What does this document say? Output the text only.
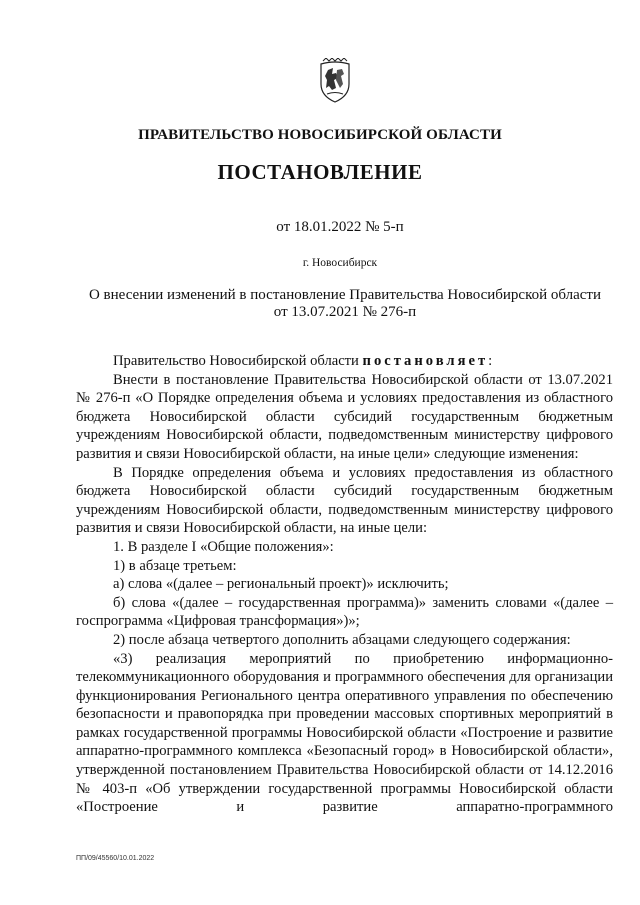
ПРАВИТЕЛЬСТВО НОВОСИБИРСКОЙ ОБЛАСТИ
ПОСТАНОВЛЕНИЕ
от 18.01.2022 № 5-п
г. Новосибирск
О внесении изменений в постановление Правительства Новосибирской области
от 13.07.2021 № 276-п

Правительство Новосибирской области постановляет:

Внести в постановление Правительства Новосибирской области от 13.07.2021 № 276-п «О Порядке определения объема и условиях предоставления из областного бюджета Новосибирской области субсидий государственным бюджетным учреждениям Новосибирской области, подведомственным министерству цифрового развития и связи Новосибирской области, на иные цели» следующие изменения:

В Порядке определения объема и условиях предоставления из областного бюджета Новосибирской области субсидий государственным бюджетным учреждениям Новосибирской области, подведомственным министерству цифрового развития и связи Новосибирской области, на иные цели:

1. В разделе I «Общие положения»:

1) в абзаце третьем:

а) слова «(далее – региональный проект)» исключить;

б) слова «(далее – государственная программа)» заменить словами «(далее – госпрограмма «Цифровая трансформация»)»;

2) после абзаца четвертого дополнить абзацами следующего содержания:

«3) реализация мероприятий по приобретению информационно-телекоммуникационного оборудования и программного обеспечения для организации функционирования Регионального центра оперативного управления по обеспечению безопасности и правопорядка при проведении массовых спортивных мероприятий в рамках государственной программы Новосибирской области «Построение и развитие аппаратно-программного комплекса «Безопасный город» в Новосибирской области», утвержденной постановлением Правительства Новосибирской области от 14.12.2016 № 403-п «Об утверждении государственной программы Новосибирской области «Построение и развитие аппаратно-программного

ПП/09/45560/10.01.2022
